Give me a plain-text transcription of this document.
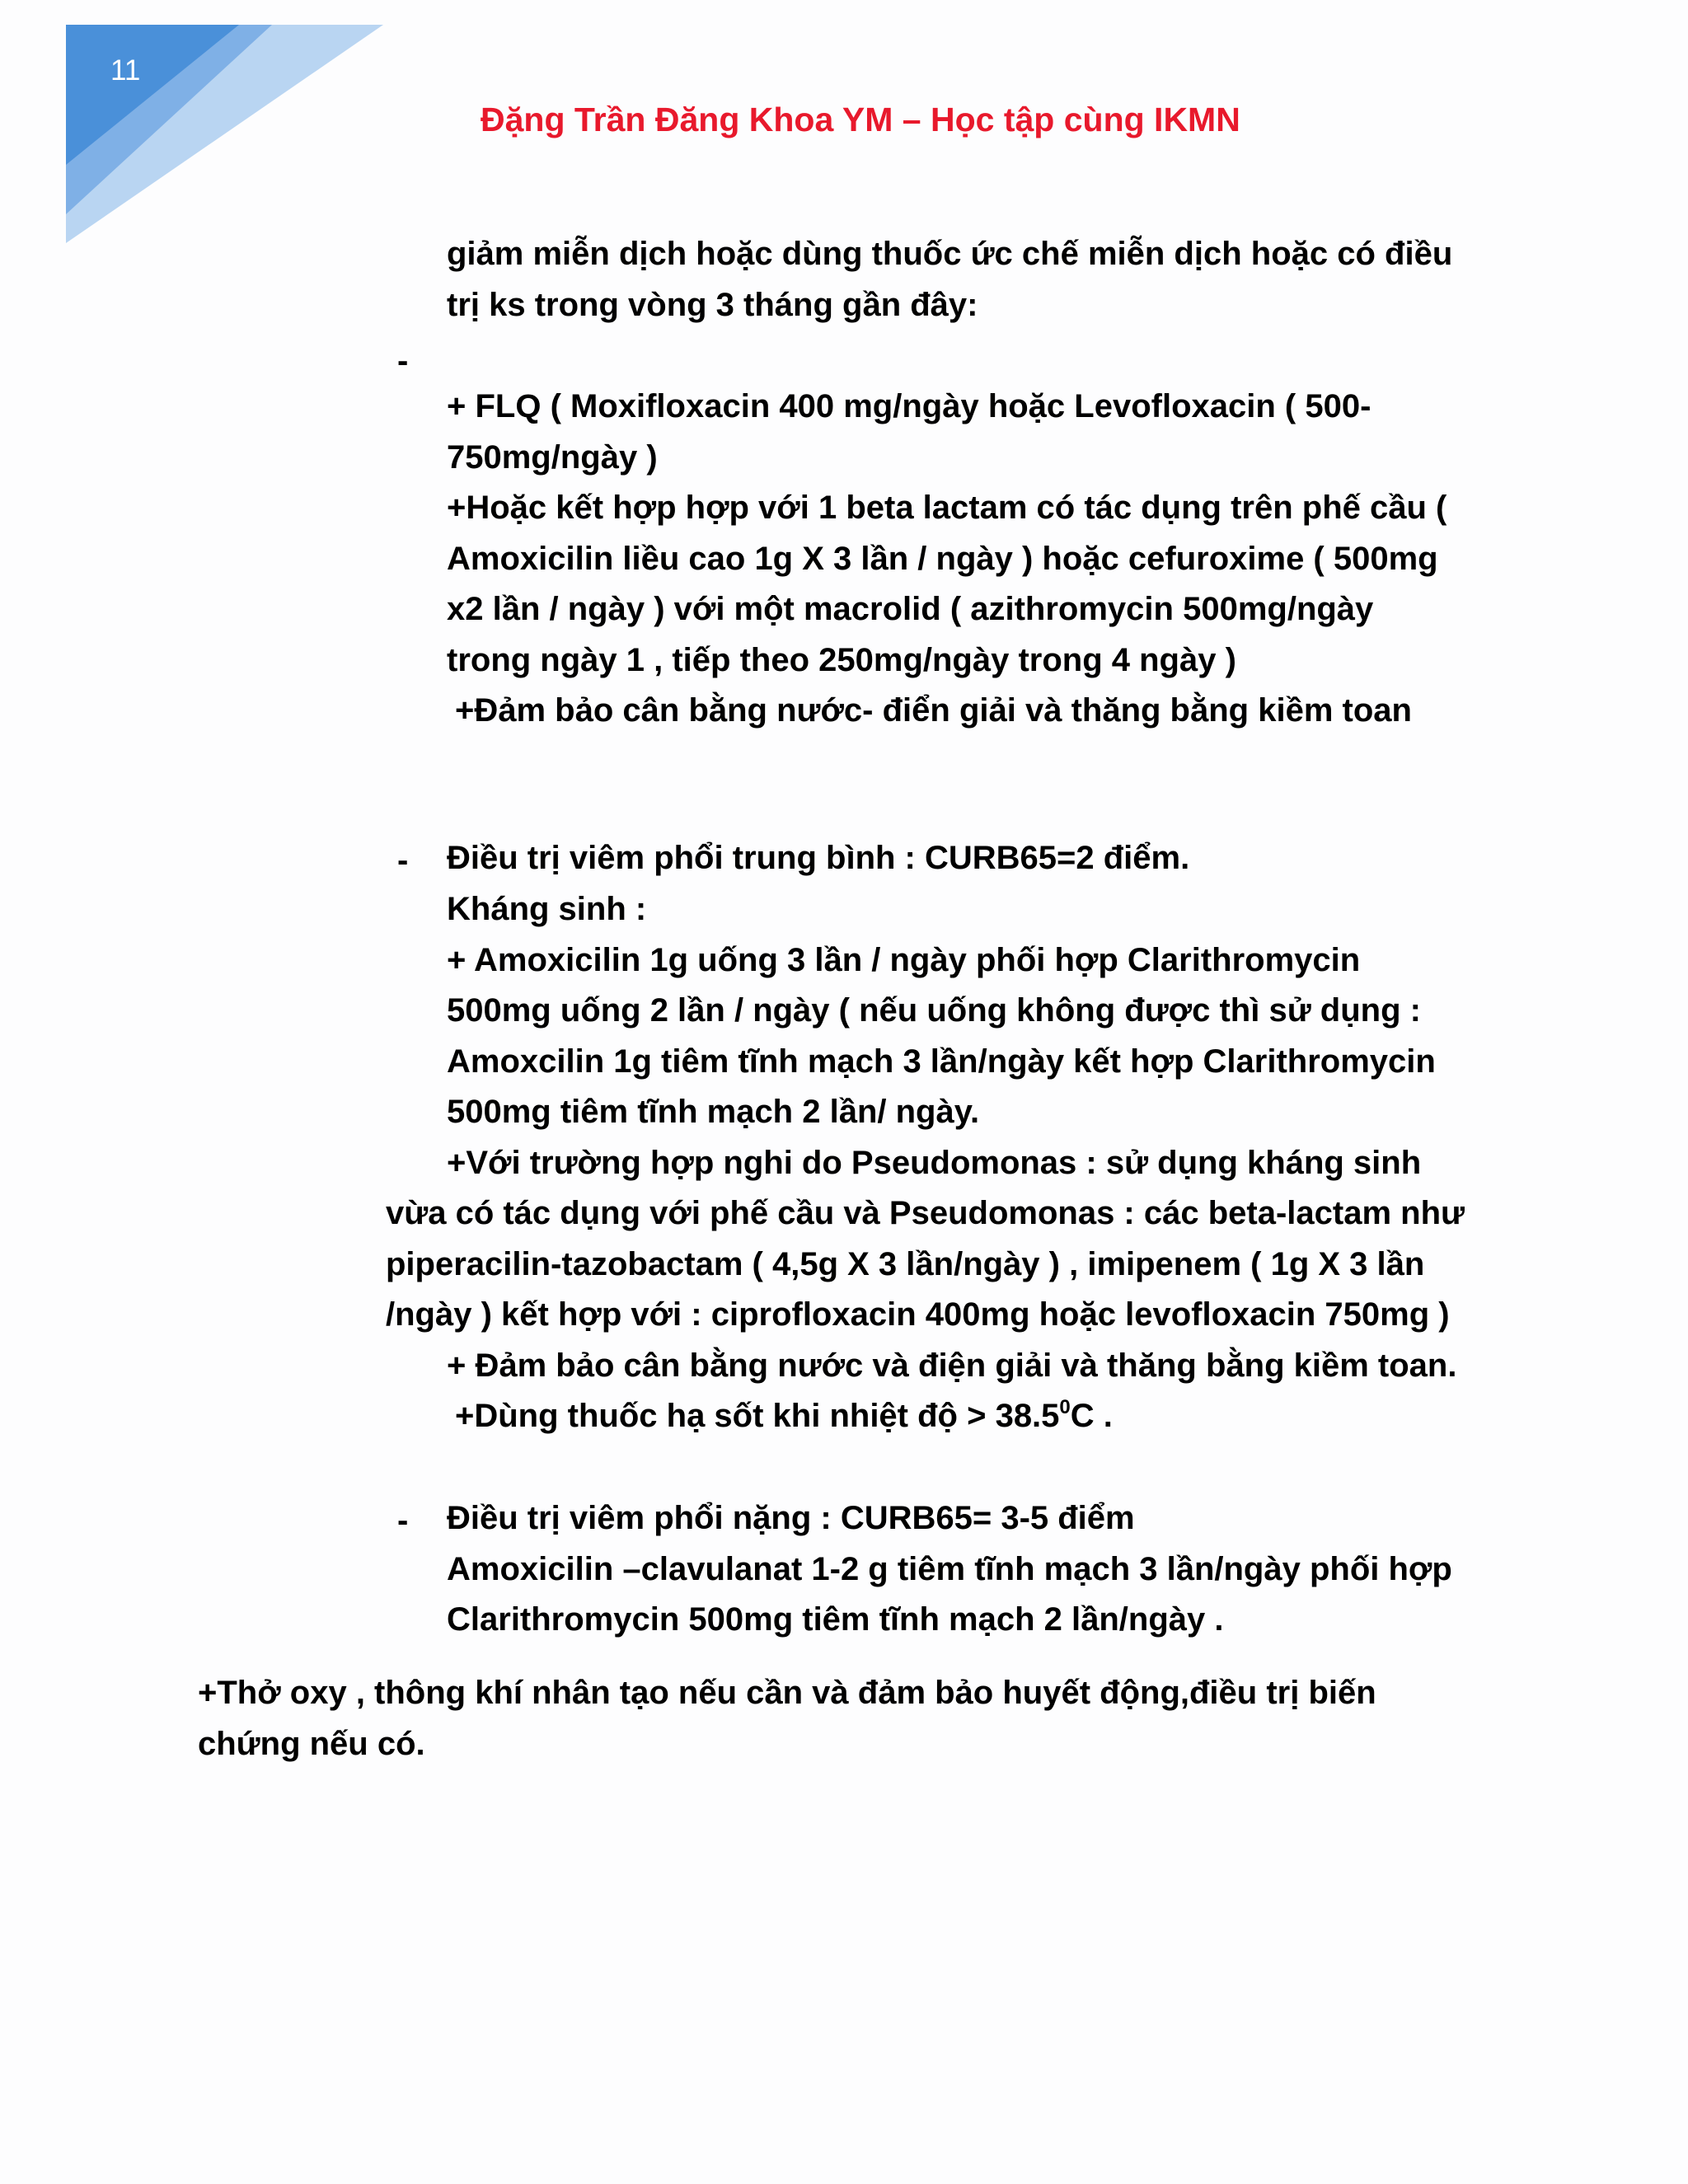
11
Đặng Trần Đăng Khoa YM – Học tập cùng IKMN
-
-
-
giảm miễn dịch hoặc dùng thuốc ức chế miễn dịch hoặc có điều
trị ks trong vòng 3 tháng gần đây:
+ FLQ ( Moxifloxacin 400 mg/ngày hoặc Levofloxacin ( 500-
750mg/ngày )
+Hoặc kết hợp hợp với 1 beta lactam có tác dụng trên phế cầu (
Amoxicilin liều cao 1g X 3 lần / ngày ) hoặc cefuroxime ( 500mg
x2 lần / ngày ) với một macrolid ( azithromycin 500mg/ngày
trong ngày 1 , tiếp theo 250mg/ngày trong 4 ngày )
+Đảm bảo cân bằng nước- điển giải và thăng bằng kiềm toan
Điều trị viêm phổi trung bình : CURB65=2 điểm.
Kháng sinh :
+ Amoxicilin 1g uống 3 lần / ngày phối hợp Clarithromycin
500mg uống 2 lần / ngày ( nếu uống không được thì sử dụng :
Amoxcilin 1g tiêm tĩnh mạch 3 lần/ngày kết hợp Clarithromycin
500mg tiêm tĩnh mạch 2 lần/ ngày.
+Với trường hợp nghi do Pseudomonas : sử dụng kháng sinh
vừa có tác dụng với phế cầu và Pseudomonas : các beta-lactam như
piperacilin-tazobactam ( 4,5g X 3 lần/ngày ) , imipenem ( 1g X 3 lần
/ngày ) kết hợp với : ciprofloxacin 400mg hoặc levofloxacin 750mg )
+ Đảm bảo cân bằng nước và điện giải và thăng bằng kiềm toan.
+Dùng thuốc hạ sốt khi nhiệt độ > $38.5^0C$ .
Điều trị viêm phổi nặng : CURB65= 3-5 điểm
Amoxicilin –clavulanat 1-2 g tiêm tĩnh mạch 3 lần/ngày phối hợp
Clarithromycin 500mg tiêm tĩnh mạch 2 lần/ngày .
+Thở oxy , thông khí nhân tạo nếu cần và đảm bảo huyết động,điều trị biến
chứng nếu có.
